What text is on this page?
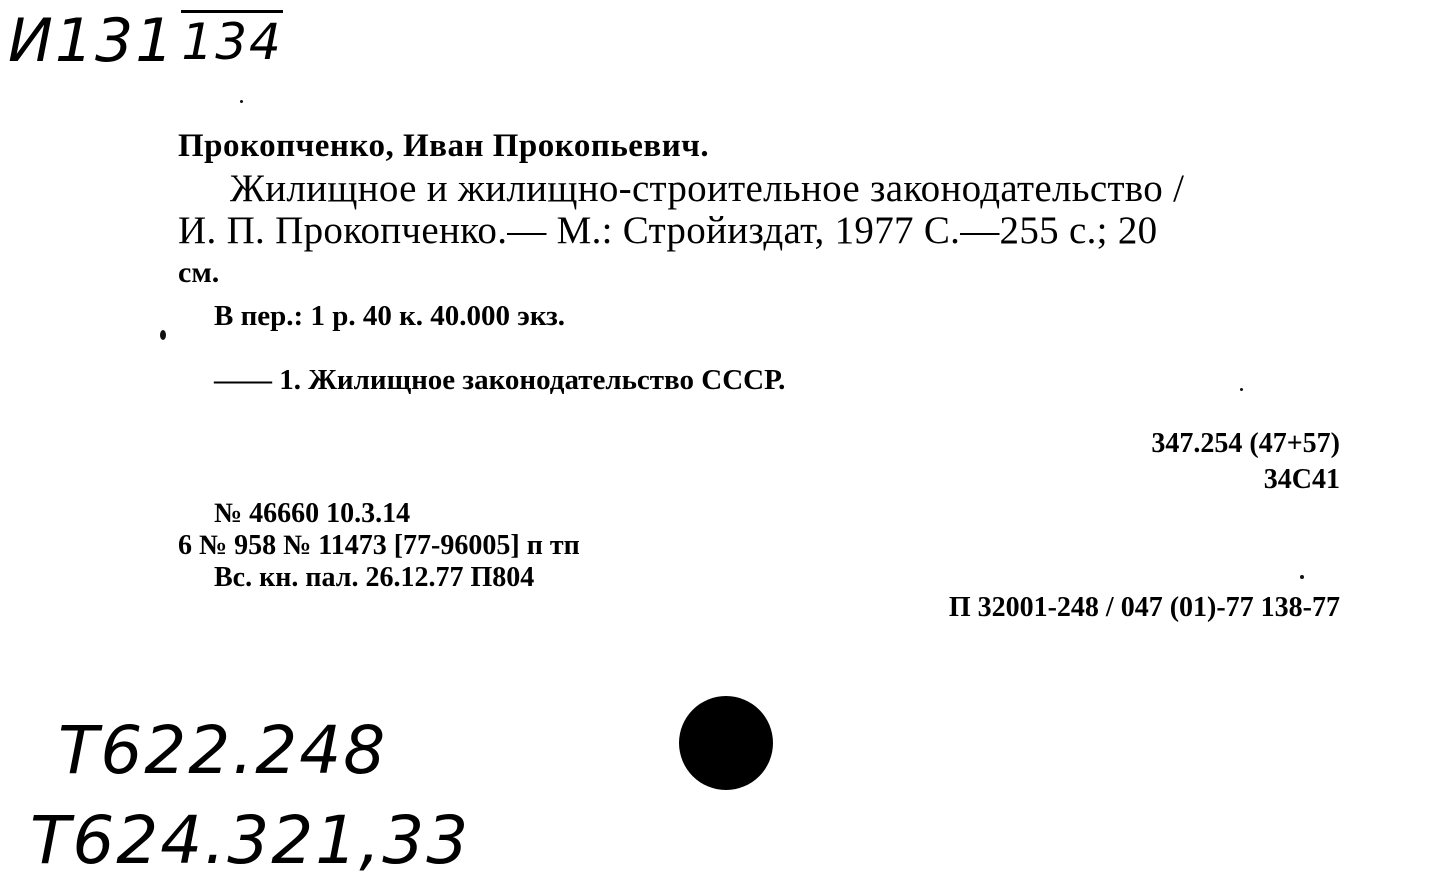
И131 134
Прокопченко, Иван Прокопьевич.
Жилищное и жилищно-строительное законодательство /
И. П. Прокопченко.— М.: Стройиздат, 1977 С.—255 с.; 20
см.
В пер.: 1 р. 40 к. 40.000 экз.
—— 1. Жилищное законодательство СССР.
347.254 (47+57)
34С41
№ 46660 10.3.14
6 № 958 № 11473 [77-96005] п тп
Вс. кн. пал. 26.12.77 П804
П 32001-248 / 047 (01)-77 138-77
Т622.248
Т624.321,33
